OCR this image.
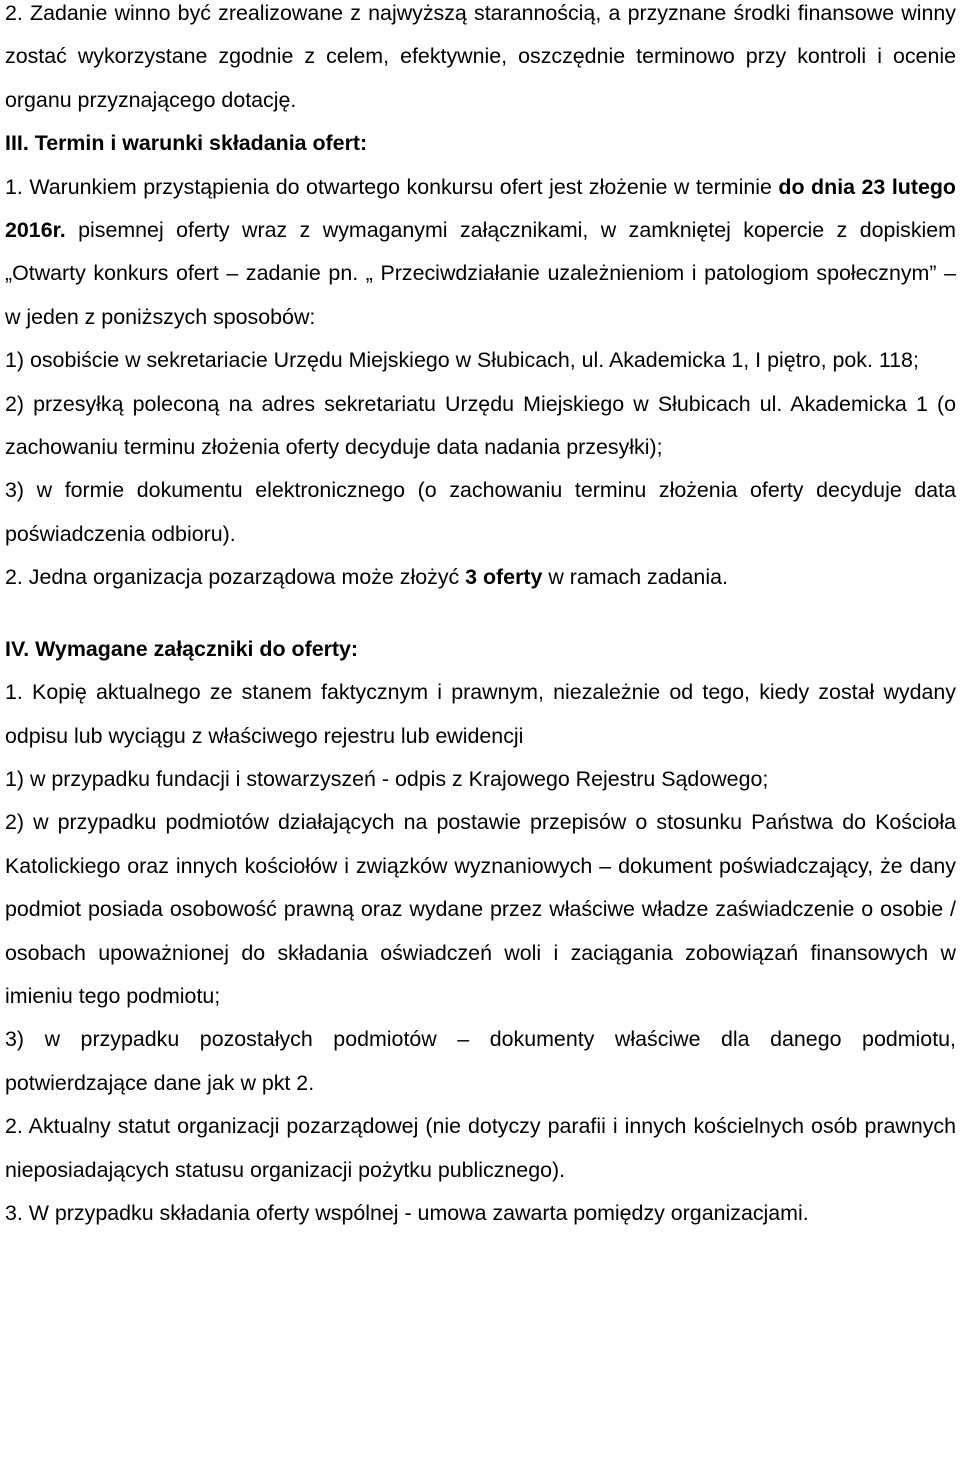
2. Zadanie winno być zrealizowane z najwyższą starannością, a przyznane środki finansowe winny zostać wykorzystane zgodnie z celem, efektywnie, oszczędnie terminowo przy kontroli i ocenie organu przyznającego dotację.

III. Termin i warunki składania ofert:

1. Warunkiem przystąpienia do otwartego konkursu ofert jest złożenie w terminie do dnia 23 lutego 2016r. pisemnej oferty wraz z wymaganymi załącznikami, w zamkniętej kopercie z dopiskiem „Otwarty konkurs ofert – zadanie pn. „ Przeciwdziałanie uzależnieniom i patologiom społecznym” – w jeden z poniższych sposobów:

1) osobiście w sekretariacie Urzędu Miejskiego w Słubicach, ul. Akademicka 1, I piętro, pok. 118;

2) przesyłką poleconą na adres sekretariatu Urzędu Miejskiego w Słubicach ul. Akademicka 1 (o zachowaniu terminu złożenia oferty decyduje data nadania przesyłki);

3) w formie dokumentu elektronicznego (o zachowaniu terminu złożenia oferty decyduje data poświadczenia odbioru).

2. Jedna organizacja pozarządowa może złożyć 3 oferty w ramach zadania.

IV. Wymagane załączniki do oferty:

1. Kopię aktualnego ze stanem faktycznym i prawnym, niezależnie od tego, kiedy został wydany odpisu lub wyciągu z właściwego rejestru lub ewidencji

1) w przypadku fundacji i stowarzyszeń - odpis z Krajowego Rejestru Sądowego;

2) w przypadku podmiotów działających na postawie przepisów o stosunku Państwa do Kościoła Katolickiego oraz innych kościołów i związków wyznaniowych – dokument poświadczający, że dany podmiot posiada osobowość prawną oraz wydane przez właściwe władze zaświadczenie o osobie / osobach upoważnionej do składania oświadczeń woli i zaciągania zobowiązań finansowych w imieniu tego podmiotu;

3) w przypadku pozostałych podmiotów – dokumenty właściwe dla danego podmiotu, potwierdzające dane jak w pkt 2.

2. Aktualny statut organizacji pozarządowej (nie dotyczy parafii i innych kościelnych osób prawnych nieposiadających statusu organizacji pożytku publicznego).

3. W przypadku składania oferty wspólnej - umowa zawarta pomiędzy organizacjami.
